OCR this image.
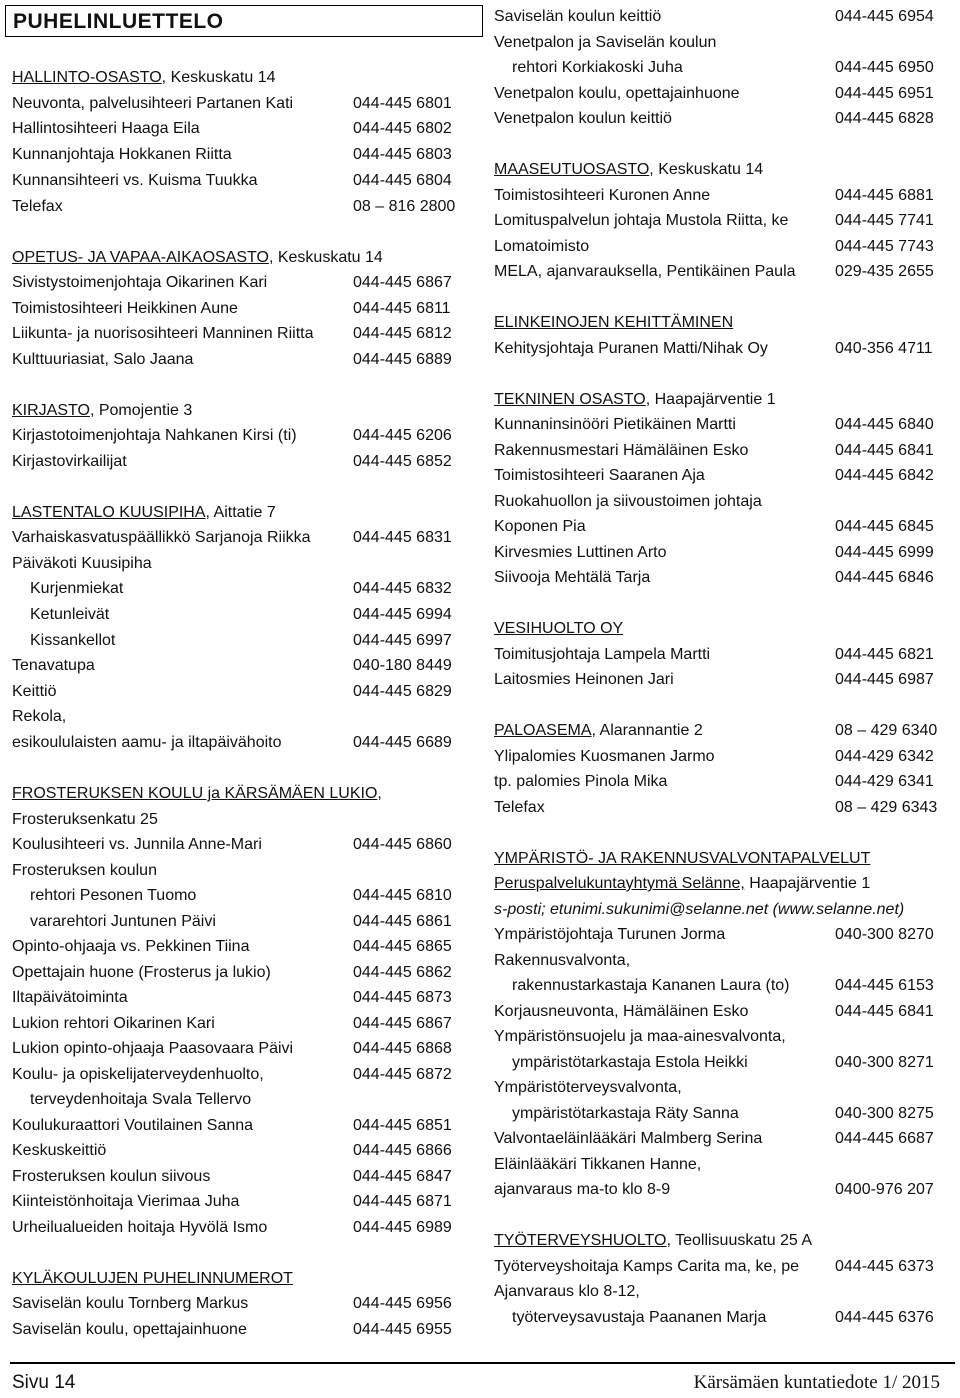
PUHELINLUETTELO
HALLINTO-OSASTO, Keskuskatu 14
Neuvonta, palvelusihteeri Partanen Kati	044-445 6801
Hallintosihteeri Haaga Eila	044-445 6802
Kunnanjohtaja Hokkanen Riitta	044-445 6803
Kunnansihteeri vs. Kuisma Tuukka	044-445 6804
Telefax	08 – 816 2800
OPETUS- JA VAPAA-AIKAOSASTO, Keskuskatu 14
Sivistystoimenjohtaja Oikarinen Kari	044-445 6867
Toimistosihteeri Heikkinen Aune	044-445 6811
Liikunta- ja nuorisosihteeri Manninen Riitta 044-445 6812
Kulttuuriasiat, Salo Jaana	044-445 6889
KIRJASTO, Pomojentie 3
Kirjastotoimenjohtaja Nahkanen Kirsi (ti)	044-445 6206
Kirjastovirkailijat	044-445 6852
LASTENTALO KUUSIPIHA, Aittatie 7
Varhaiskasvatuspäällikkö Sarjanoja Riikka	044-445 6831
Päiväkoti Kuusipiha
Kurjenmiekat	044-445 6832
Ketunleivät	044-445 6994
Kissankellot	044-445 6997
Tenavatupa	040-180 8449
Keittiö	044-445 6829
Rekola,
esikoululaisten aamu- ja iltapäivähoito	044-445 6689
FROSTERUKSEN KOULU ja KÄRSÄMÄEN LUKIO,
Frosteruksenkatu 25
Koulusihteeri vs. Junnila Anne-Mari	044-445 6860
Frosteruksen koulun
rehtori Pesonen Tuomo	044-445 6810
vararehtori Juntunen Päivi	044-445 6861
Opinto-ohjaaja vs. Pekkinen Tiina	044-445 6865
Opettajain huone (Frosterus ja lukio)	044-445 6862
Iltapäivätoiminta	044-445 6873
Lukion rehtori Oikarinen Kari	044-445 6867
Lukion opinto-ohjaaja Paasovaara Päivi	044-445 6868
Koulu- ja opiskelijaterveydenhuolto,	044-445 6872
terveydenhoitaja Svala Tellervo
Koulukuraattori Voutilainen Sanna	044-445 6851
Keskuskeittiö	044-445 6866
Frosteruksen koulun siivous	044-445 6847
Kiinteistönhoitaja Vierimaa Juha	044-445 6871
Urheilualueiden hoitaja Hyvölä Ismo	044-445 6989
KYLÄKOULUJEN PUHELINNUMEROT
Saviselän koulu Tornberg Markus	044-445 6956
Saviselän koulu, opettajainhuone	044-445 6955
Saviselän koulun keittiö	044-445 6954
Venetpalon ja Saviselän koulun
rehtori Korkiakoski Juha	044-445 6950
Venetpalon koulu, opettajainhuone	044-445 6951
Venetpalon koulun keittiö	044-445 6828
MAASEUTUOSASTO, Keskuskatu 14
Toimistosihteeri Kuronen Anne	044-445 6881
Lomituspalvelun johtaja Mustola Riitta, ke	044-445 7741
Lomatoimisto	044-445 7743
MELA, ajanvarauksella, Pentikäinen Paula 029-435 2655
ELINKEINOJEN KEHITTÄMINEN
Kehitysjohtaja Puranen Matti/Nihak Oy	040-356 4711
TEKNINEN OSASTO, Haapajärventie 1
Kunnaninsinööri Pietikäinen Martti	044-445 6840
Rakennusmestari Hämäläinen Esko	044-445 6841
Toimistosihteeri Saaranen Aja	044-445 6842
Ruokahuollon ja siivoustoimen johtaja
Koponen Pia	044-445 6845
Kirvesmies Luttinen Arto	044-445 6999
Siivooja Mehtälä Tarja	044-445 6846
VESIHUOLTO OY
Toimitusjohtaja Lampela Martti	044-445 6821
Laitosmies Heinonen Jari	044-445 6987
PALOASEMA, Alarannantie 2	08 – 429 6340
Ylipalomies Kuosmanen Jarmo	044-429 6342
tp. palomies Pinola Mika	044-429 6341
Telefax	08 – 429 6343
YMPÄRISTÖ- JA RAKENNUSVALVONTAPALVELUT
Peruspalvelukuntayhtymä Selänne, Haapajärventie 1
s-posti; etunimi.sukunimi@selanne.net (www.selanne.net)
Ympäristöjohtaja Turunen Jorma	040-300 8270
Rakennusvalvonta,
rakennustarkastaja Kananen Laura (to)	044-445 6153
Korjausneuvonta, Hämäläinen Esko	044-445 6841
Ympäristönsuojelu ja maa-ainesvalvonta,
ympäristötarkastaja Estola Heikki	040-300 8271
Ympäristöterveysvalvonta,
ympäristötarkastaja Räty Sanna	040-300 8275
Valvontaeläinlääkäri Malmberg Serina	044-445 6687
Eläinlääkäri Tikkanen Hanne,
ajanvaraus ma-to klo 8-9	0400-976 207
TYÖTERVEYSHUOLTO, Teollisuuskatu 25 A
Työterveyshoitaja Kamps Carita ma, ke, pe 044-445 6373
Ajanvaraus klo 8-12,
työterveysavustaja Paananen Marja	044-445 6376
Sivu 14	Kärsämäen kuntatiedote 1/ 2015
